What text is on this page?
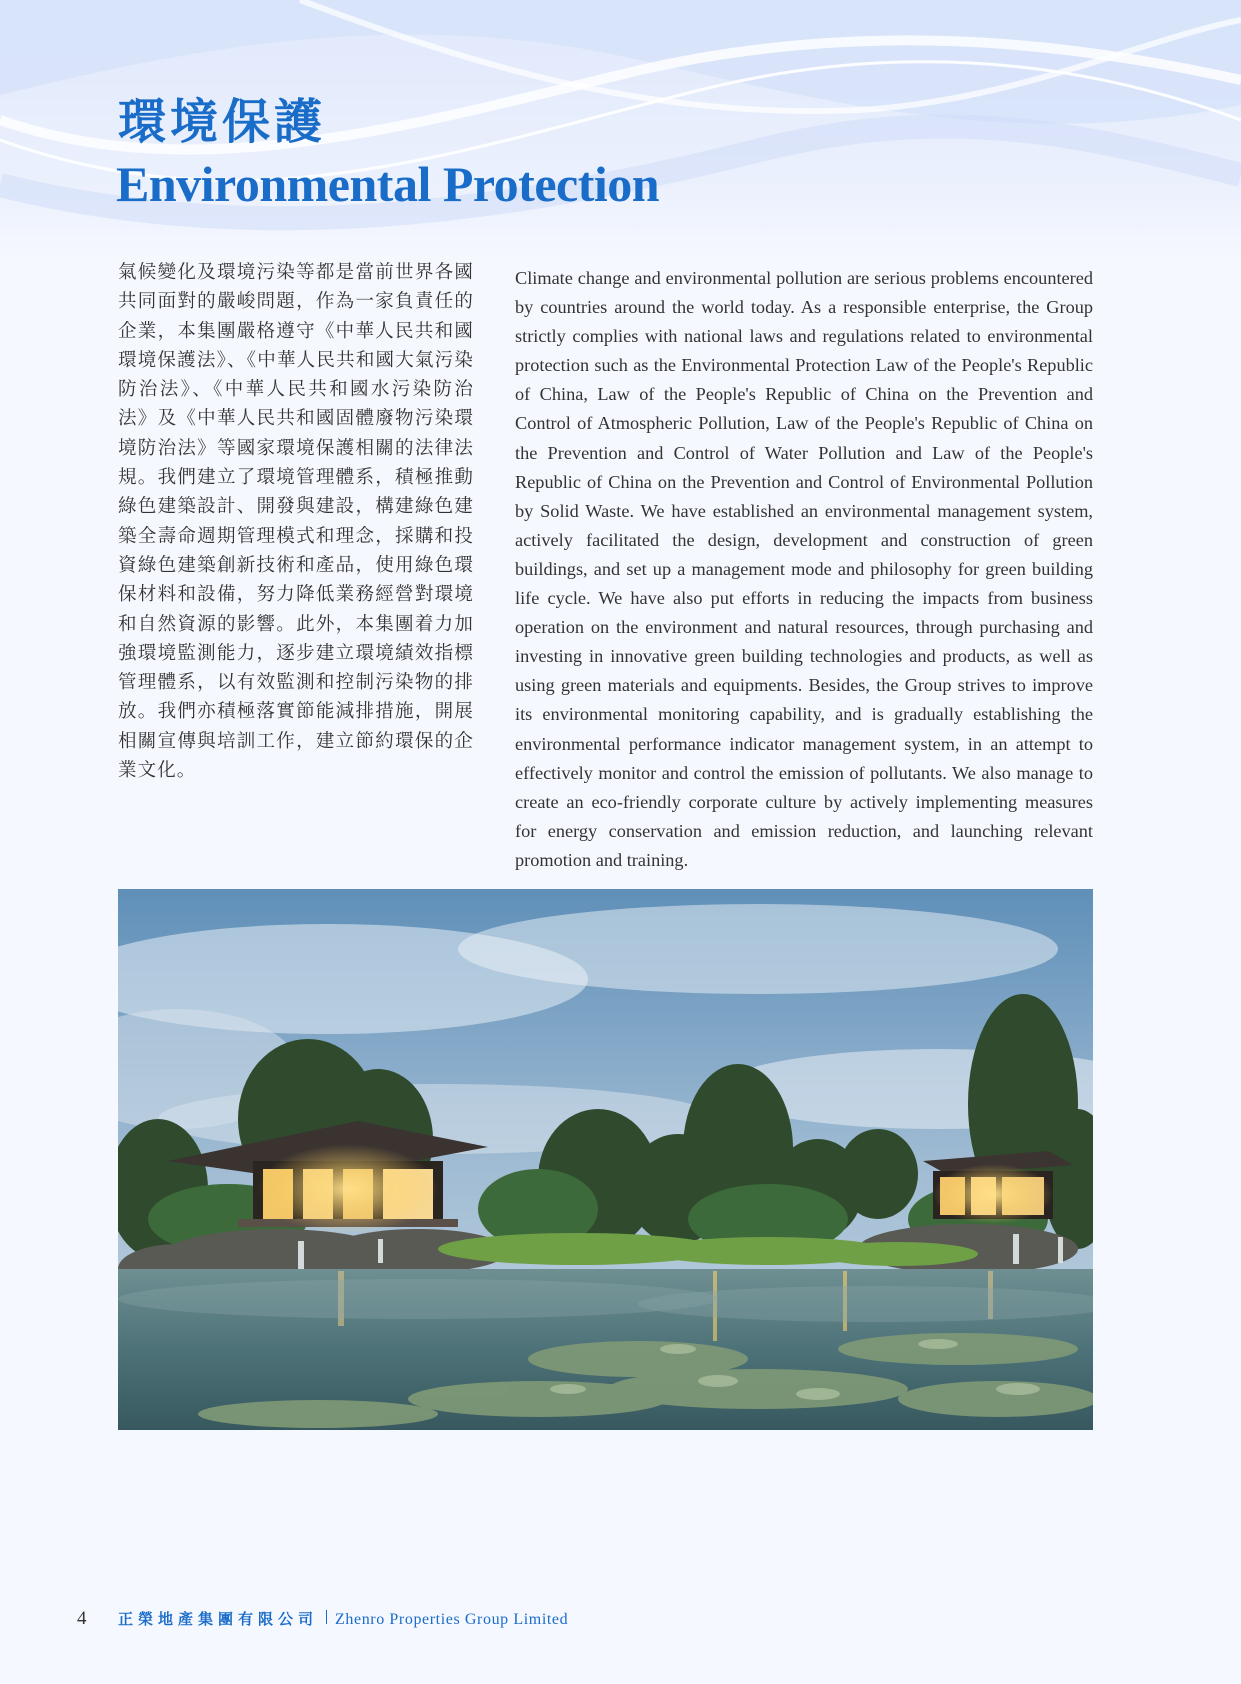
環境保護
Environmental Protection
氣候變化及環境污染等都是當前世界各國共同面對的嚴峻問題，作為一家負責任的企業，本集團嚴格遵守《中華人民共和國環境保護法》、《中華人民共和國大氣污染防治法》、《中華人民共和國水污染防治法》及《中華人民共和國固體廢物污染環境防治法》等國家環境保護相關的法律法規。我們建立了環境管理體系，積極推動綠色建築設計、開發與建設，構建綠色建築全壽命週期管理模式和理念，採購和投資綠色建築創新技術和產品，使用綠色環保材料和設備，努力降低業務經營對環境和自然資源的影響。此外，本集團着力加強環境監測能力，逐步建立環境績效指標管理體系，以有效監測和控制污染物的排放。我們亦積極落實節能減排措施，開展相關宣傳與培訓工作，建立節約環保的企業文化。
Climate change and environmental pollution are serious problems encountered by countries around the world today. As a responsible enterprise, the Group strictly complies with national laws and regulations related to environmental protection such as the Environmental Protection Law of the People's Republic of China, Law of the People's Republic of China on the Prevention and Control of Atmospheric Pollution, Law of the People's Republic of China on the Prevention and Control of Water Pollution and Law of the People's Republic of China on the Prevention and Control of Environmental Pollution by Solid Waste. We have established an environmental management system, actively facilitated the design, development and construction of green buildings, and set up a management mode and philosophy for green building life cycle. We have also put efforts in reducing the impacts from business operation on the environment and natural resources, through purchasing and investing in innovative green building technologies and products, as well as using green materials and equipments. Besides, the Group strives to improve its environmental monitoring capability, and is gradually establishing the environmental performance indicator management system, in an attempt to effectively monitor and control the emission of pollutants. We also manage to create an eco-friendly corporate culture by actively implementing measures for energy conservation and emission reduction, and launching relevant promotion and training.
4	正榮地產集團有限公司 Zhenro Properties Group Limited
